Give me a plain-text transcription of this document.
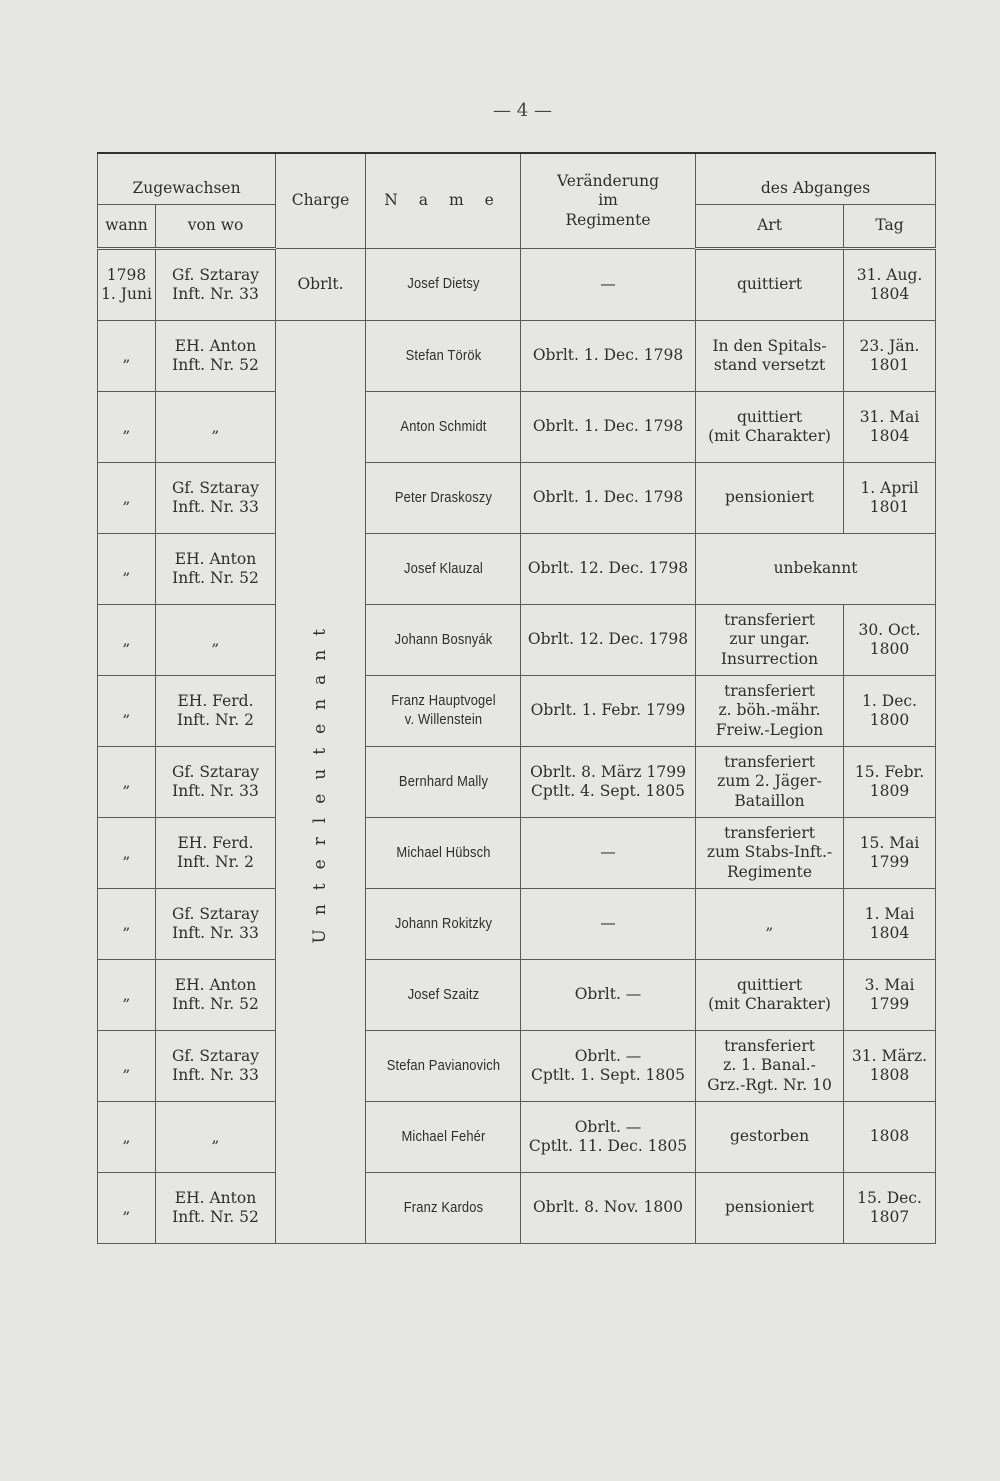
— 4 —
Zugewachsen		Charge	N a m e	Veränderung
im
Regimente	des Abganges	
wann	von wo				Art	Tag
1798
1. Juni	Gf. Sztaray
Inft. Nr. 33	Obrlt.	Josef Dietsy	—	quittiert	31. Aug.
1804
„	EH. Anton
Inft. Nr. 52	Unterleutenant	Stefan Török	Obrlt. 1. Dec. 1798	In den Spitals-
stand versetzt	23. Jän.
1801
„	„		Anton Schmidt	Obrlt. 1. Dec. 1798	quittiert
(mit Charakter)	31. Mai
1804
„	Gf. Sztaray
Inft. Nr. 33		Peter Draskoszy	Obrlt. 1. Dec. 1798	pensioniert	1. April
1801
„	EH. Anton
Inft. Nr. 52		Josef Klauzal	Obrlt. 12. Dec. 1798	unbekannt	
„	„		Johann Bosnyák	Obrlt. 12. Dec. 1798	transferiert
zur ungar.
Insurrection	30. Oct.
1800
„	EH. Ferd.
Inft. Nr. 2		Franz Hauptvogel
v. Willenstein	Obrlt. 1. Febr. 1799	transferiert
z. böh.-mähr.
Freiw.-Legion	1. Dec.
1800
„	Gf. Sztaray
Inft. Nr. 33		Bernhard Mally	Obrlt. 8. März 1799
Cptlt. 4. Sept. 1805	transferiert
zum 2. Jäger-
Bataillon	15. Febr.
1809
„	EH. Ferd.
Inft. Nr. 2		Michael Hübsch	—	transferiert
zum Stabs-Inft.-
Regimente	15. Mai
1799
„	Gf. Sztaray
Inft. Nr. 33		Johann Rokitzky	—	„	1. Mai
1804
„	EH. Anton
Inft. Nr. 52		Josef Szaitz	Obrlt. —	quittiert
(mit Charakter)	3. Mai
1799
„	Gf. Sztaray
Inft. Nr. 33		Stefan Pavianovich	Obrlt. —
Cptlt. 1. Sept. 1805	transferiert
z. 1. Banal.-
Grz.-Rgt. Nr. 10	31. März.
1808
„	„		Michael Fehér	Obrlt. —
Cptlt. 11. Dec. 1805	gestorben	1808
„	EH. Anton
Inft. Nr. 52		Franz Kardos	Obrlt. 8. Nov. 1800	pensioniert	15. Dec.
1807
